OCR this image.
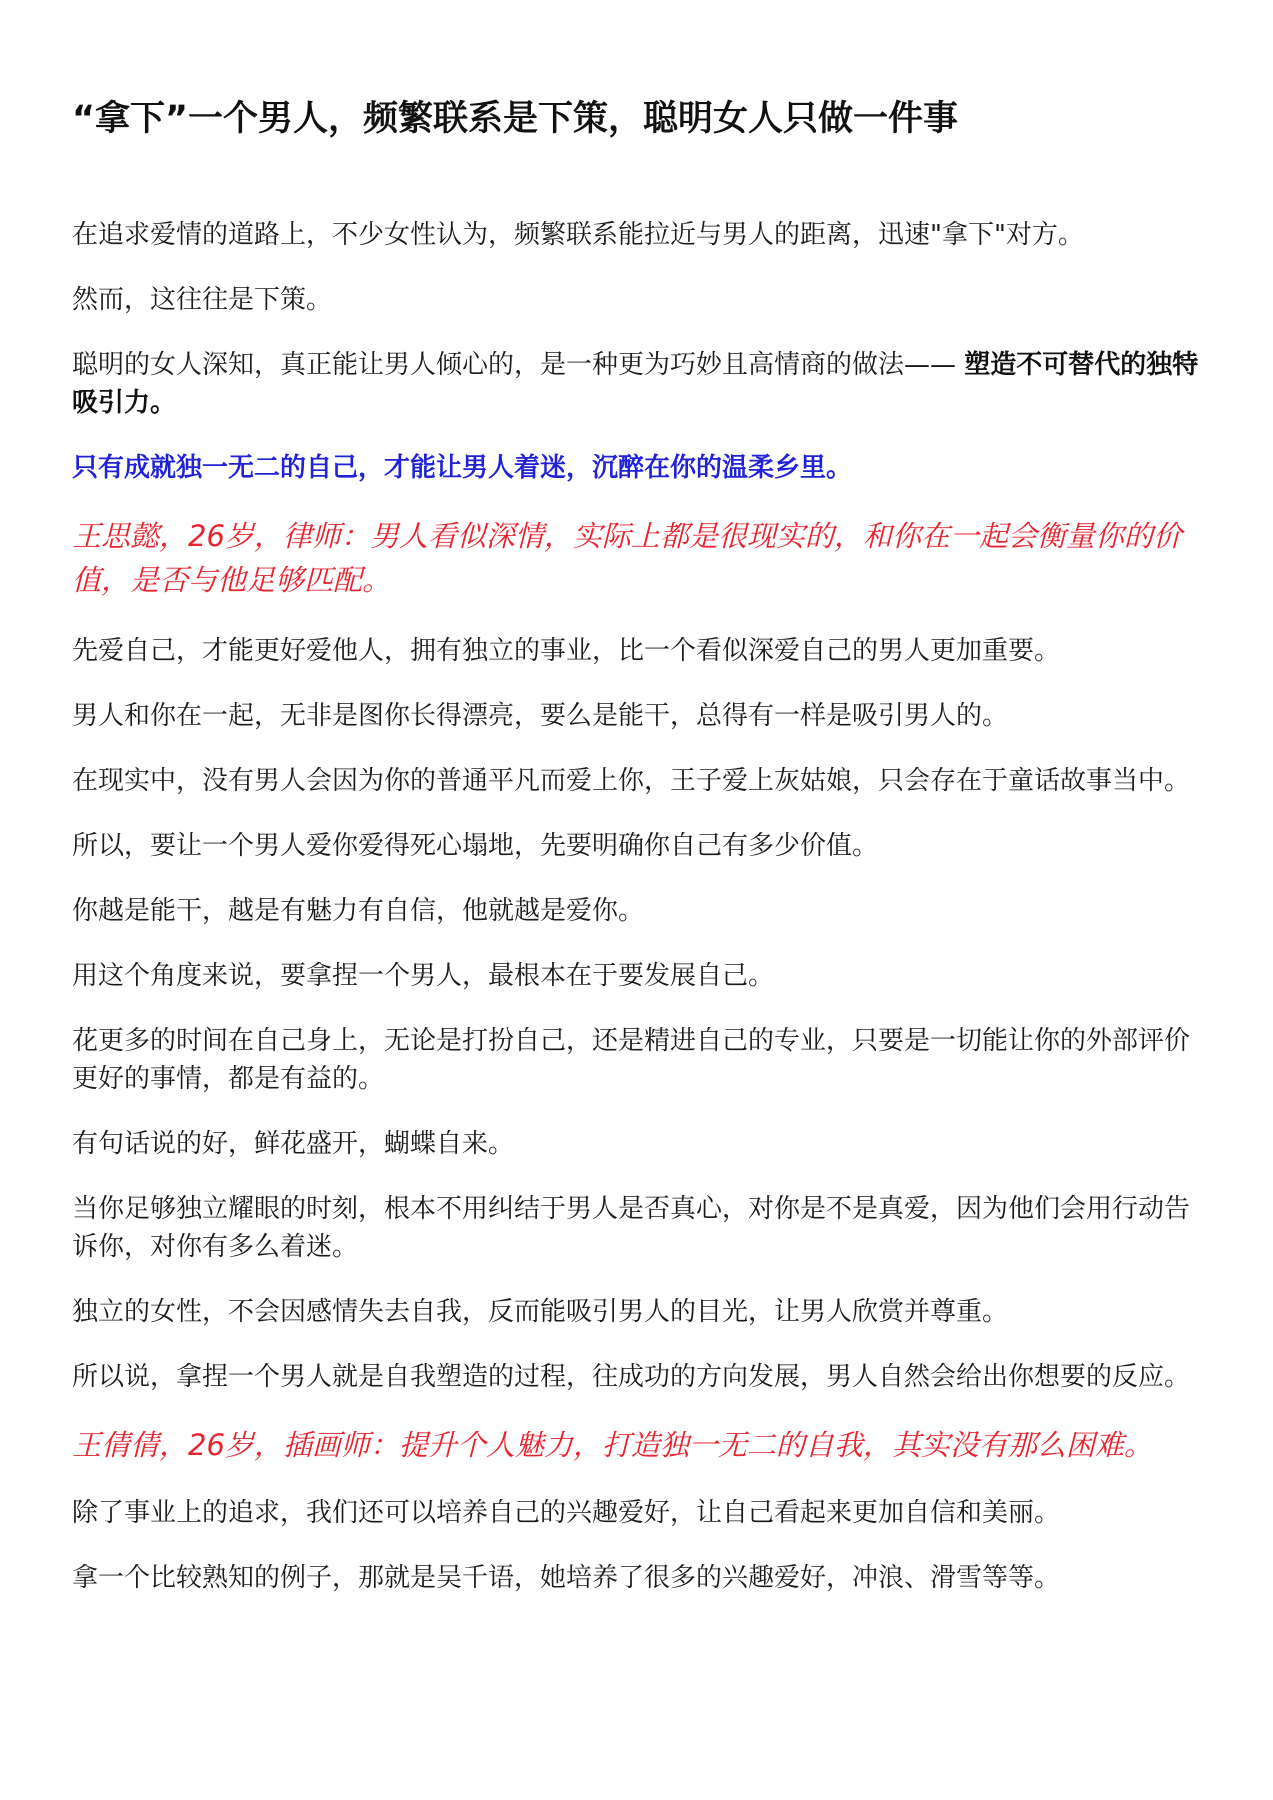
“拿下”一个男人，频繁联系是下策，聪明女人只做一件事

在追求爱情的道路上，不少女性认为，频繁联系能拉近与男人的距离，迅速"拿下"对方。

然而，这往往是下策。

聪明的女人深知，真正能让男人倾心的，是一种更为巧妙且高情商的做法—— 塑造不可替代的独特吸引力。

只有成就独一无二的自己，才能让男人着迷，沉醉在你的温柔乡里。

王思懿，26岁，律师：男人看似深情，实际上都是很现实的，和你在一起会衡量你的价值，是否与他足够匹配。

先爱自己，才能更好爱他人，拥有独立的事业，比一个看似深爱自己的男人更加重要。

男人和你在一起，无非是图你长得漂亮，要么是能干，总得有一样是吸引男人的。

在现实中，没有男人会因为你的普通平凡而爱上你，王子爱上灰姑娘，只会存在于童话故事当中。

所以，要让一个男人爱你爱得死心塌地，先要明确你自己有多少价值。

你越是能干，越是有魅力有自信，他就越是爱你。

用这个角度来说，要拿捏一个男人，最根本在于要发展自己。

花更多的时间在自己身上，无论是打扮自己，还是精进自己的专业，只要是一切能让你的外部评价更好的事情，都是有益的。

有句话说的好，鲜花盛开，蝴蝶自来。

当你足够独立耀眼的时刻，根本不用纠结于男人是否真心，对你是不是真爱，因为他们会用行动告诉你，对你有多么着迷。

独立的女性，不会因感情失去自我，反而能吸引男人的目光，让男人欣赏并尊重。

所以说，拿捏一个男人就是自我塑造的过程，往成功的方向发展，男人自然会给出你想要的反应。

王倩倩，26岁，插画师：提升个人魅力，打造独一无二的自我，其实没有那么困难。

除了事业上的追求，我们还可以培养自己的兴趣爱好，让自己看起来更加自信和美丽。

拿一个比较熟知的例子，那就是吴千语，她培养了很多的兴趣爱好，冲浪、滑雪等等。
